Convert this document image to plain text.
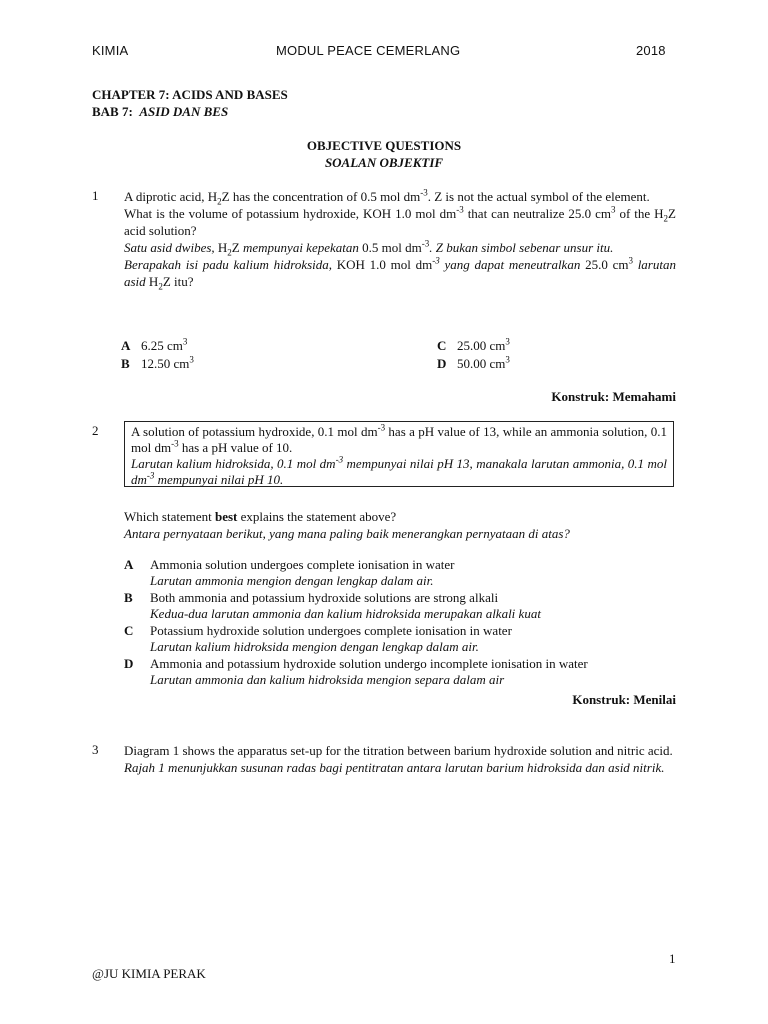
KIMIA	MODUL PEACE CEMERLANG	2018
CHAPTER 7: ACIDS AND BASES
BAB 7: ASID DAN BES
OBJECTIVE QUESTIONS
SOALAN OBJEKTIF
1 A diprotic acid, $H_2Z$ has the concentration of 0.5 mol $dm^{-3}$. Z is not the actual symbol of the element.

What is the volume of potassium hydroxide, KOH 1.0 mol $dm^{-3}$ that can neutralize 25.0 $cm^3$ of the $H_2Z$ acid solution?

Satu asid dwibes, $H_2Z$ mempunyai kepekatan 0.5 mol $dm^{-3}$. Z bukan simbol sebenar unsur itu.

Berapakah isi padu kalium hidroksida, KOH 1.0 mol $dm^{-3}$ yang dapat meneutralkan 25.0 $cm^3$ larutan asid $H_2Z$ itu?

A 6.25 $cm^3$
B 12.50 $cm^3$
C 25.00 $cm^3$
D 50.00 $cm^3$
Konstruk: Memahami
2	A solution of potassium hydroxide, 0.1 mol $dm^{-3}$ has a pH value of 13, while an ammonia solution, 0.1 mol $dm^{-3}$ has a pH value of 10.

Larutan kalium hidroksida, 0.1 mol $dm^{-3}$ mempunyai nilai pH 13, manakala larutan ammonia, 0.1 mol $dm^{-3}$ mempunyai nilai pH 10.

Which statement best explains the statement above?

Antara pernyataan berikut, yang mana paling baik menerangkan pernyataan di atas?

A	Ammonia solution undergoes complete ionisation in water
Larutan ammonia mengion dengan lengkap dalam air.
B	Both ammonia and potassium hydroxide solutions are strong alkali
Kedua-dua larutan ammonia dan kalium hidroksida merupakan alkali kuat
C	Potassium hydroxide solution undergoes complete ionisation in water
Larutan kalium hidroksida mengion dengan lengkap dalam air.
D	Ammonia and potassium hydroxide solution undergo incomplete ionisation in water
Larutan ammonia dan kalium hidroksida mengion separa dalam air
Konstruk: Menilai
3 Diagram 1 shows the apparatus set-up for the titration between barium hydroxide solution and nitric acid.

Rajah 1 menunjukkan susunan radas bagi pentitratan antara larutan barium hidroksida dan asid nitrik.

1
@JU KIMIA PERAK
